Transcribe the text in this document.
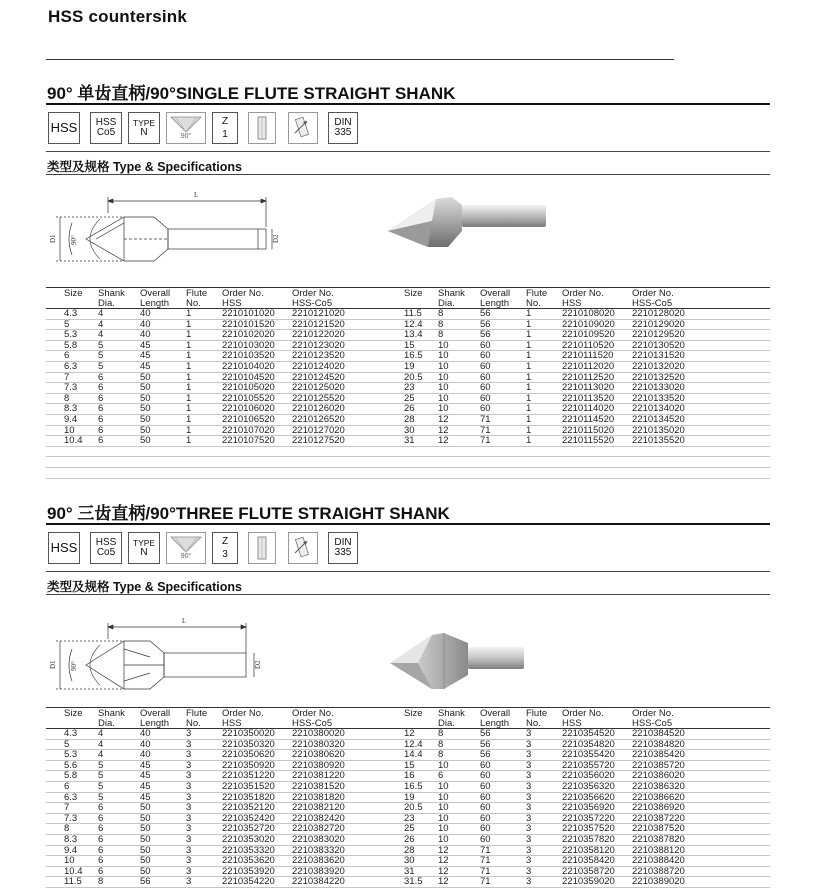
HSS countersink
90° 单齿直柄/90°SINGLE FLUTE STRAIGHT SHANK
HSS HSS
Co5
TYPE
N	90°
Z
1
DIN
335
类型及规格 Type & Specifications
L
D1	D2
90°
Size Shank
Dia.
Overall
Length
Flute
No.
Order No.
HSS
Order No.
HSS-Co5
Size Shank
Dia.
Overall
Length
Flute
No.
Order No.
HSS
Order No.
HSS-Co5
4.3 4	40	1	2210101020 2210121020	11.5 8	56	1	2210108020 2210128020
5	4	40	1	2210101520 2210121520	12.4 8	56	1	2210109020 2210129020
5.3 4	40	1	2210102020 2210122020	13.4 8	56	1	2210109520 2210129520
5.8 5	45	1	2210103020 2210123020	15 10	60	1	2210110520 2210130520
6	5	45	1	2210103520 2210123520	16.5 10	60	1	2210111520 2210131520
6.3 5	45	1	2210104020 2210124020	19 10	60	1	2210112020 2210132020
7	6	50	1	2210104520 2210124520	20.5 10	60	1	2210112520 2210132520
7.3 6	50	1	2210105020 2210125020	23 10	60	1	2210113020 2210133020
8	6	50	1	2210105520 2210125520	25 10	60	1	2210113520 2210133520
8.3 6	50	1	2210106020 2210126020	26 10	60	1	2210114020 2210134020
9.4 6	50	1	2210106520 2210126520	28 12	71	1	2210114520 2210134520
10 6	50	1	2210107020 2210127020	30 12	71	1	2210115020 2210135020
10.4 6	50	1	2210107520 2210127520	31 12	71	1	2210115520 2210135520
90° 三齿直柄/90°THREE FLUTE STRAIGHT SHANK
HSS HSS
Co5
TYPE
N	90°
Z
3
DIN
335
类型及规格 Type & Specifications
L
D1	D2
90°
Size Shank
Dia.
Overall
Length
Flute
No.
Order No.
HSS
Order No.
HSS-Co5
Size Shank
Dia.
Overall
Length
Flute
No.
Order No.
HSS
Order No.
HSS-Co5
4.3 4	40	3	2210350020 2210380020	12 8	56	3	2210354520 2210384520
5	4	40	3	2210350320 2210380320	12.4 8	56	3	2210354820 2210384820
5.3 4	40	3	2210350620 2210380620	14.4 8	56	3	2210355420 2210385420
5.6 5	45	3	2210350920 2210380920	15 10	60	3	2210355720 2210385720
5.8 5	45	3	2210351220 2210381220	16 6	60	3	2210356020 2210386020
6	5	45	3	2210351520 2210381520	16.5 10	60	3	2210356320 2210386320
6.3 5	45	3	2210351820 2210381820	19 10	60	3	2210356620 2210386620
7	6	50	3	2210352120 2210382120	20.5 10	60	3	2210356920 2210386920
7.3 6	50	3	2210352420 2210382420	23 10	60	3	2210357220 2210387220
8	6	50	3	2210352720 2210382720	25 10	60	3	2210357520 2210387520
8.3 6	50	3	2210353020 2210383020	26 10	60	3	2210357820 2210387820
9.4 6	50	3	2210353320 2210383320	28 12	71	3	2210358120 2210388120
10 6	50	3	2210353620 2210383620	30 12	71	3	2210358420 2210388420
10.4 6	50	3	2210353920 2210383920	31 12	71	3	2210358720 2210388720
11.5 8	56	3	2210354220 2210384220	31.5 12	71	3	2210359020 2210389020
